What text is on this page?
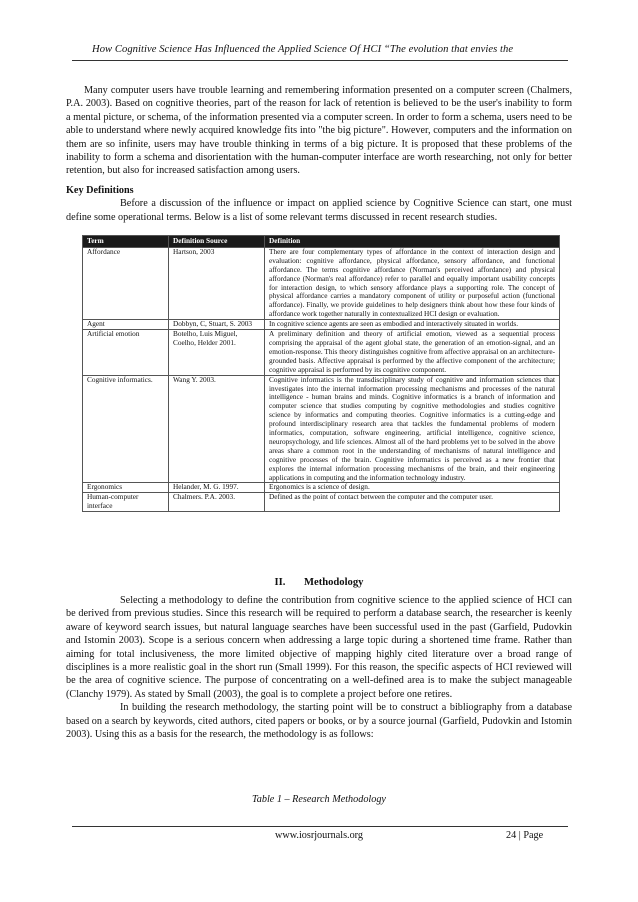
How Cognitive Science Has Influenced the Applied Science Of HCI “The evolution that envies the

Many computer users have trouble learning and remembering information presented on a computer screen (Chalmers, P.A. 2003). Based on cognitive theories, part of the reason for lack of retention is believed to be the user's inability to form a mental picture, or schema, of the information presented via a computer screen. In order to form a schema, users need to be able to understand where newly acquired knowledge fits into "the big picture". However, computers and the information on them are so infinite, users may have trouble thinking in terms of a big picture. It is proposed that these problems of the inability to form a schema and disorientation with the human-computer interface are worth researching, not only for better retention, but also for increased satisfaction among users.

Key Definitions

Before a discussion of the influence or impact on applied science by Cognitive Science can start, one must define some operational terms. Below is a list of some relevant terms discussed in recent research studies.

Term	Definition Source	Definition
Affordance	Hartson, 2003	There are four complementary types of affordance in the context of interaction design and evaluation: cognitive affordance, physical affordance, sensory affordance, and functional affordance. The terms cognitive affordance (Norman's perceived affordance) and physical affordance (Norman's real affordance) refer to parallel and equally important usability concepts for interaction design, to which sensory affordance plays a supporting role. The concept of physical affordance carries a mandatory component of utility or purposeful action (functional affordance). Finally, we provide guidelines to help designers think about how these four kinds of affordance work together naturally in contextualized HCI design or evaluation.
Agent	Dobbyn, C, Stuart, S. 2003	In cognitive science agents are seen as embodied and interactively situated in worlds.
Artificial emotion	Botelho, Luis Miguel, Coelho, Helder 2001.	A preliminary definition and theory of artificial emotion, viewed as a sequential process comprising the appraisal of the agent global state, the generation of an emotion-signal, and an emotion-response. This theory distinguishes cognitive from affective appraisal on an architecture-grounded basis. Affective appraisal is performed by the affective component of the architecture; cognitive appraisal is performed by its cognitive component.
Cognitive informatics.	Wang Y. 2003.	Cognitive informatics is the transdisciplinary study of cognitive and information sciences that investigates into the internal information processing mechanisms and processes of the natural intelligence - human brains and minds. Cognitive informatics is a branch of information and computer science that studies computing by cognitive methodologies and studies cognitive science by informatics and computing theories. Cognitive informatics is a cutting-edge and profound interdisciplinary research area that tackles the fundamental problems of modern informatics, computation, software engineering, artificial intelligence, cognitive science, neuropsychology, and life sciences. Almost all of the hard problems yet to be solved in the above areas share a common root in the understanding of mechanisms of natural intelligence and cognitive processes of the brain. Cognitive informatics is perceived as a new frontier that explores the internal information processing mechanisms of the brain, and their engineering applications in computing and the information technology industry.
Ergonomics	Helander, M. G. 1997.	Ergonomics is a science of design.
Human-computer interface	Chalmers. P.A. 2003.	Defined as the point of contact between the computer and the computer user.
II. Methodology

Selecting a methodology to define the contribution from cognitive science to the applied science of HCI can be derived from previous studies. Since this research will be required to perform a database search, the researcher is keenly aware of keyword search issues, but natural language searches have been successful used in the past (Garfield, Pudovkin and Istomin 2003). Scope is a serious concern when addressing a large topic during a shortened time frame. Rather than aiming for total inclusiveness, the more limited objective of mapping highly cited literature over a broad range of disciplines is a more realistic goal in the short run (Small 1999). For this reason, the specific aspects of HCI reviewed will be the area of cognitive science. The purpose of concentrating on a well-defined area is to make the subject manageable (Clanchy 1979). As stated by Small (2003), the goal is to complete a project before one retires.

In building the research methodology, the starting point will be to construct a bibliography from a database based on a search by keywords, cited authors, cited papers or books, or by a source journal (Garfield, Pudovkin and Istomin 2003). Using this as a basis for the research, the methodology is as follows:

Table 1 – Research Methodology
www.iosrjournals.org	24 | Page
